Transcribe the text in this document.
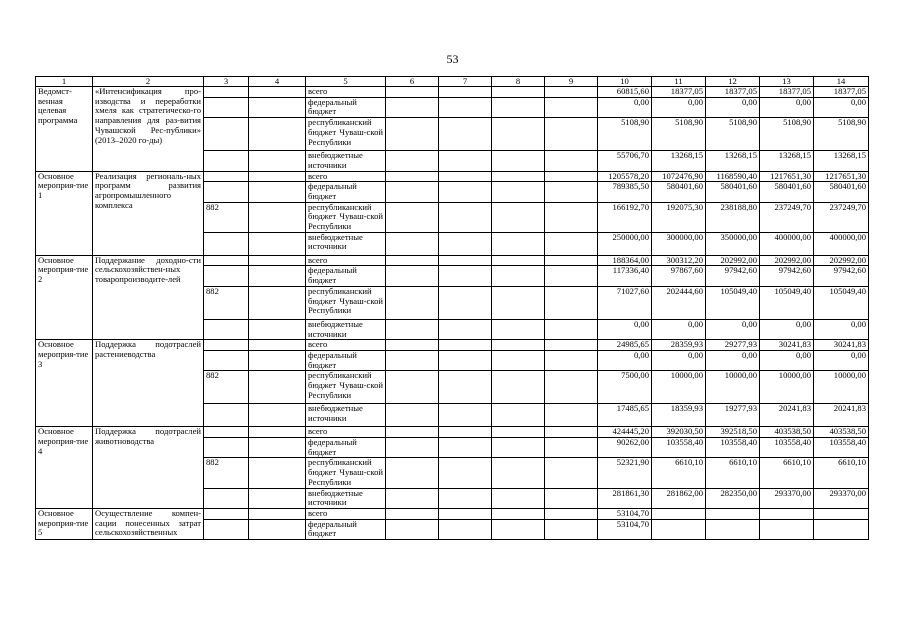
53
1	2	3	4	5	6	7	8	9	10	11	12	13	14
Ведомст-венная целевая программа	«Интенсификация про-изводства и переработки хмеля как стратегическо-го направления для раз-вития Чувашской Рес-публики» (2013–2020 го-ды)			всего					60815,60	18377,05	18377,05	18377,05	18377,05
				федеральный бюджет					0,00	0,00	0,00	0,00	0,00
				республиканский бюджет Чуваш-ской Республики					5108,90	5108,90	5108,90	5108,90	5108,90
				внебюджетные источники					55706,70	13268,15	13268,15	13268,15	13268,15
Основное мероприя-тие 1	Реализация региональ-ных программ развития агропромышленного комплекса			всего					1205578,20	1072476,90	1168590,40	1217651,30	1217651,30
				федеральный бюджет					789385,50	580401,60	580401,60	580401,60	580401,60
		882		республиканский бюджет Чуваш-ской Республики					166192,70	192075,30	238188,80	237249,70	237249,70
				внебюджетные источники					250000,00	300000,00	350000,00	400000,00	400000,00
Основное мероприя-тие 2	Поддержание доходно-сти сельскохозяйствен-ных товаропроизводите-лей			всего					188364,00	300312,20	202992,00	202992,00	202992,00
				федеральный бюджет					117336,40	97867,60	97942,60	97942,60	97942,60
		882		республиканский бюджет Чуваш-ской Республики					71027,60	202444,60	105049,40	105049,40	105049,40
				внебюджетные источники					0,00	0,00	0,00	0,00	0,00
Основное мероприя-тие 3	Поддержка подотраслей растениеводства			всего					24985,65	28359,93	29277,93	30241,83	30241,83
				федеральный бюджет					0,00	0,00	0,00	0,00	0,00
		882		республиканский бюджет Чуваш-ской Республики					7500,00	10000,00	10000,00	10000,00	10000,00
				внебюджетные источники					17485,65	18359,93	19277,93	20241,83	20241,83
Основное мероприя-тие 4	Поддержка подотраслей животноводства			всего					424445,20	392030,50	392518,50	403538,50	403538,50
				федеральный бюджет					90262,00	103558,40	103558,40	103558,40	103558,40
		882		республиканский бюджет Чуваш-ской Республики					52321,90	6610,10	6610,10	6610,10	6610,10
				внебюджетные источники					281861,30	281862,00	282350,00	293370,00	293370,00
Основное мероприя-тие 5	Осуществление компен-сации понесенных затрат сельскохозяйственных			всего					53104,70				
				федеральный бюджет					53104,70				
